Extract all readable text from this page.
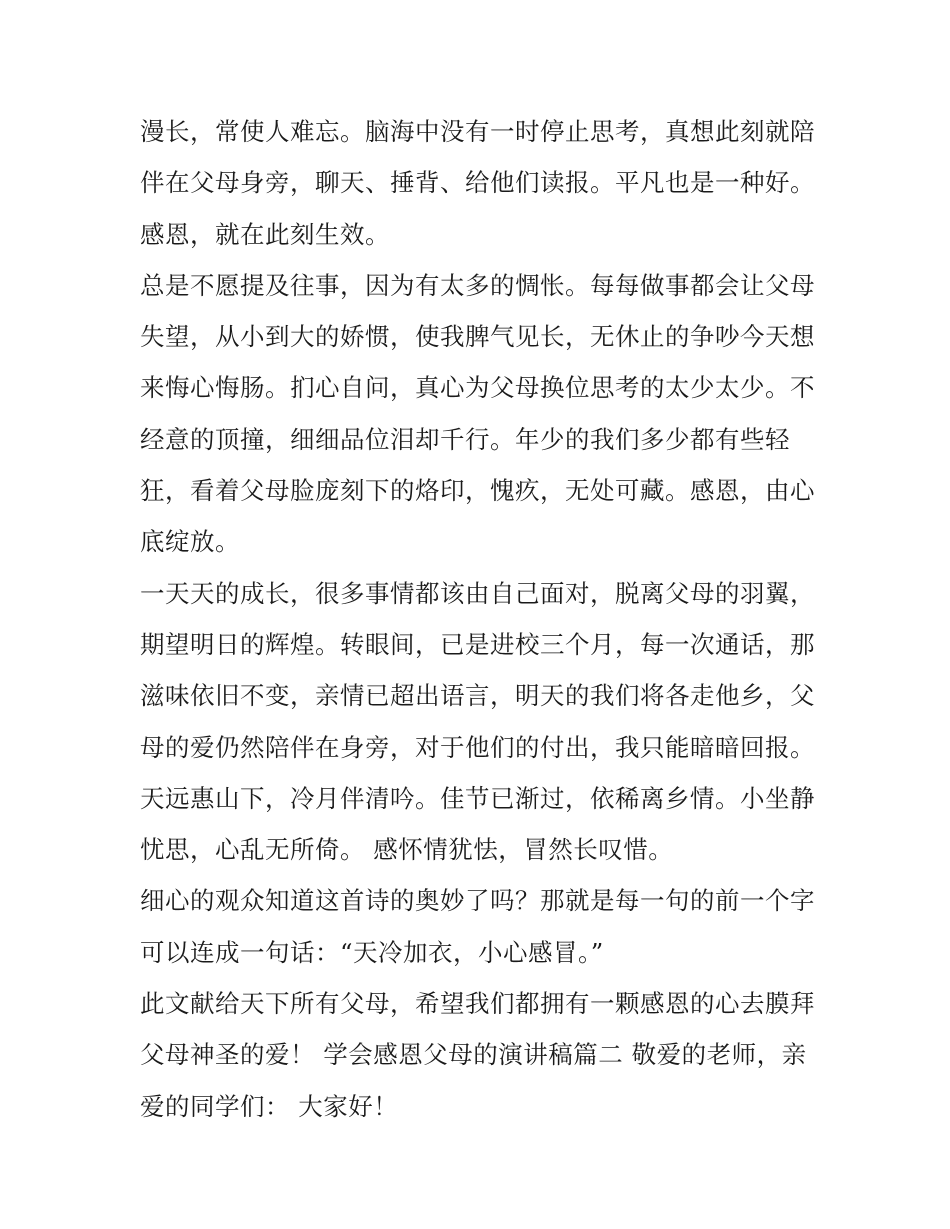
漫长，常使人难忘。脑海中没有一时停止思考，真想此刻就陪
伴在父母身旁，聊天、捶背、给他们读报。平凡也是一种好。
感恩，就在此刻生效。
总是不愿提及往事，因为有太多的惆怅。每每做事都会让父母
失望，从小到大的娇惯，使我脾气见长，无休止的争吵今天想
来悔心悔肠。扪心自问，真心为父母换位思考的太少太少。不
经意的顶撞，细细品位泪却千行。年少的我们多少都有些轻
狂，看着父母脸庞刻下的烙印，愧疚，无处可藏。感恩，由心
底绽放。
一天天的成长，很多事情都该由自己面对，脱离父母的羽翼，
期望明日的辉煌。转眼间，已是进校三个月，每一次通话，那
滋味依旧不变，亲情已超出语言，明天的我们将各走他乡，父
母的爱仍然陪伴在身旁，对于他们的付出，我只能暗暗回报。
天远惠山下，冷月伴清吟。佳节已渐过，依稀离乡情。小坐静
忧思，心乱无所倚。 感怀情犹怯，冒然长叹惜。
细心的观众知道这首诗的奥妙了吗？那就是每一句的前一个字
可以连成一句话：“天冷加衣，小心感冒。”
此文献给天下所有父母，希望我们都拥有一颗感恩的心去膜拜
父母神圣的爱！ 学会感恩父母的演讲稿篇二 敬爱的老师，亲
爱的同学们： 大家好！
